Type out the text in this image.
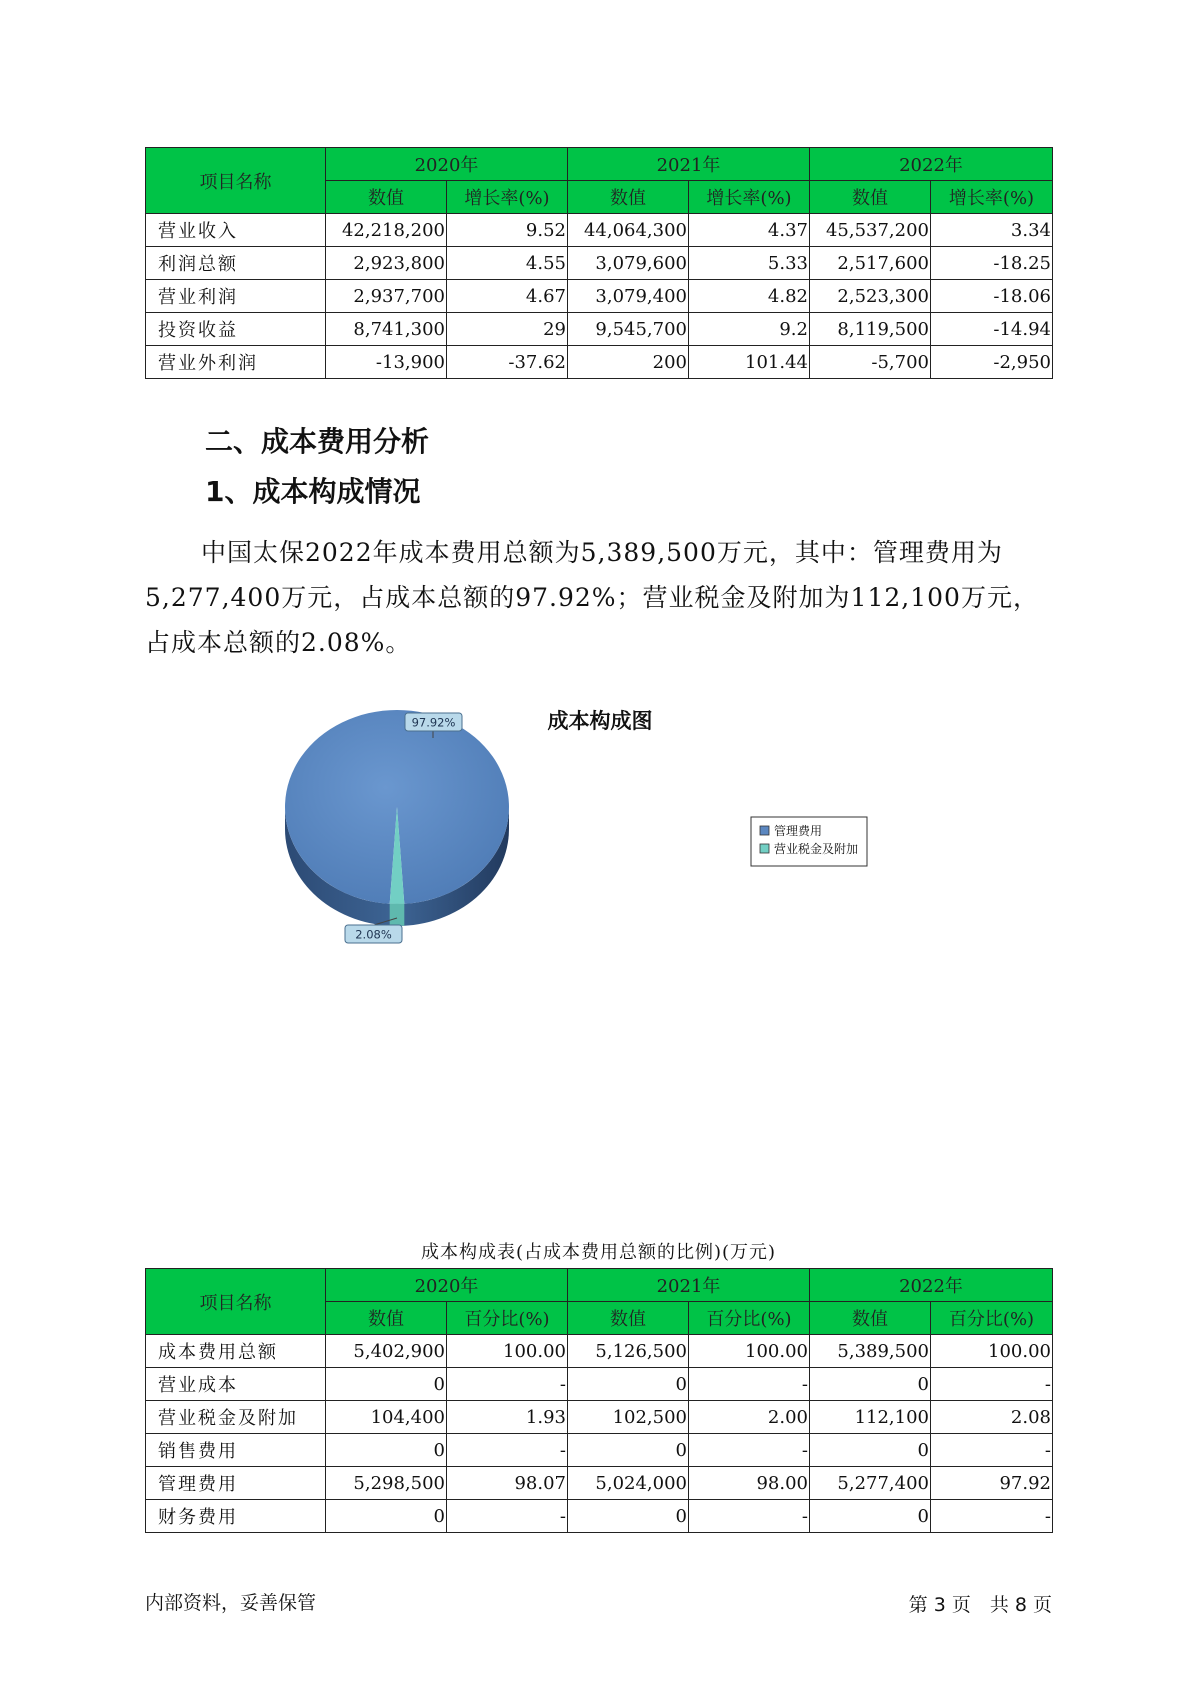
项目名称	2020年		2021年		2022年	
	数值	增长率(%)	数值	增长率(%)	数值	增长率(%)
营业收入	42,218,200	9.52	44,064,300	4.37	45,537,200	3.34
利润总额	2,923,800	4.55	3,079,600	5.33	2,517,600	-18.25
营业利润	2,937,700	4.67	3,079,400	4.82	2,523,300	-18.06
投资收益	8,741,300	29	9,545,700	9.2	8,119,500	-14.94
营业外利润	-13,900	-37.62	200	101.44	-5,700	-2,950
二、成本费用分析
1、成本构成情况
中国太保2022年成本费用总额为5,389,500万元，其中：管理费用为
5,277,400万元，占成本总额的97.92%；营业税金及附加为112,100万元，
占成本总额的2.08%。
成本构成图
97.92%
2.08%
管理费用
营业税金及附加
成本构成表(占成本费用总额的比例)(万元)
项目名称	2020年		2021年		2022年	
	数值	百分比(%)	数值	百分比(%)	数值	百分比(%)
成本费用总额	5,402,900	100.00	5,126,500	100.00	5,389,500	100.00
营业成本	0	-	0	-	0	-
营业税金及附加	104,400	1.93	102,500	2.00	112,100	2.08
销售费用	0	-	0	-	0	-
管理费用	5,298,500	98.07	5,024,000	98.00	5,277,400	97.92
财务费用	0	-	0	-	0	-
内部资料，妥善保管	第 3 页　共 8 页
